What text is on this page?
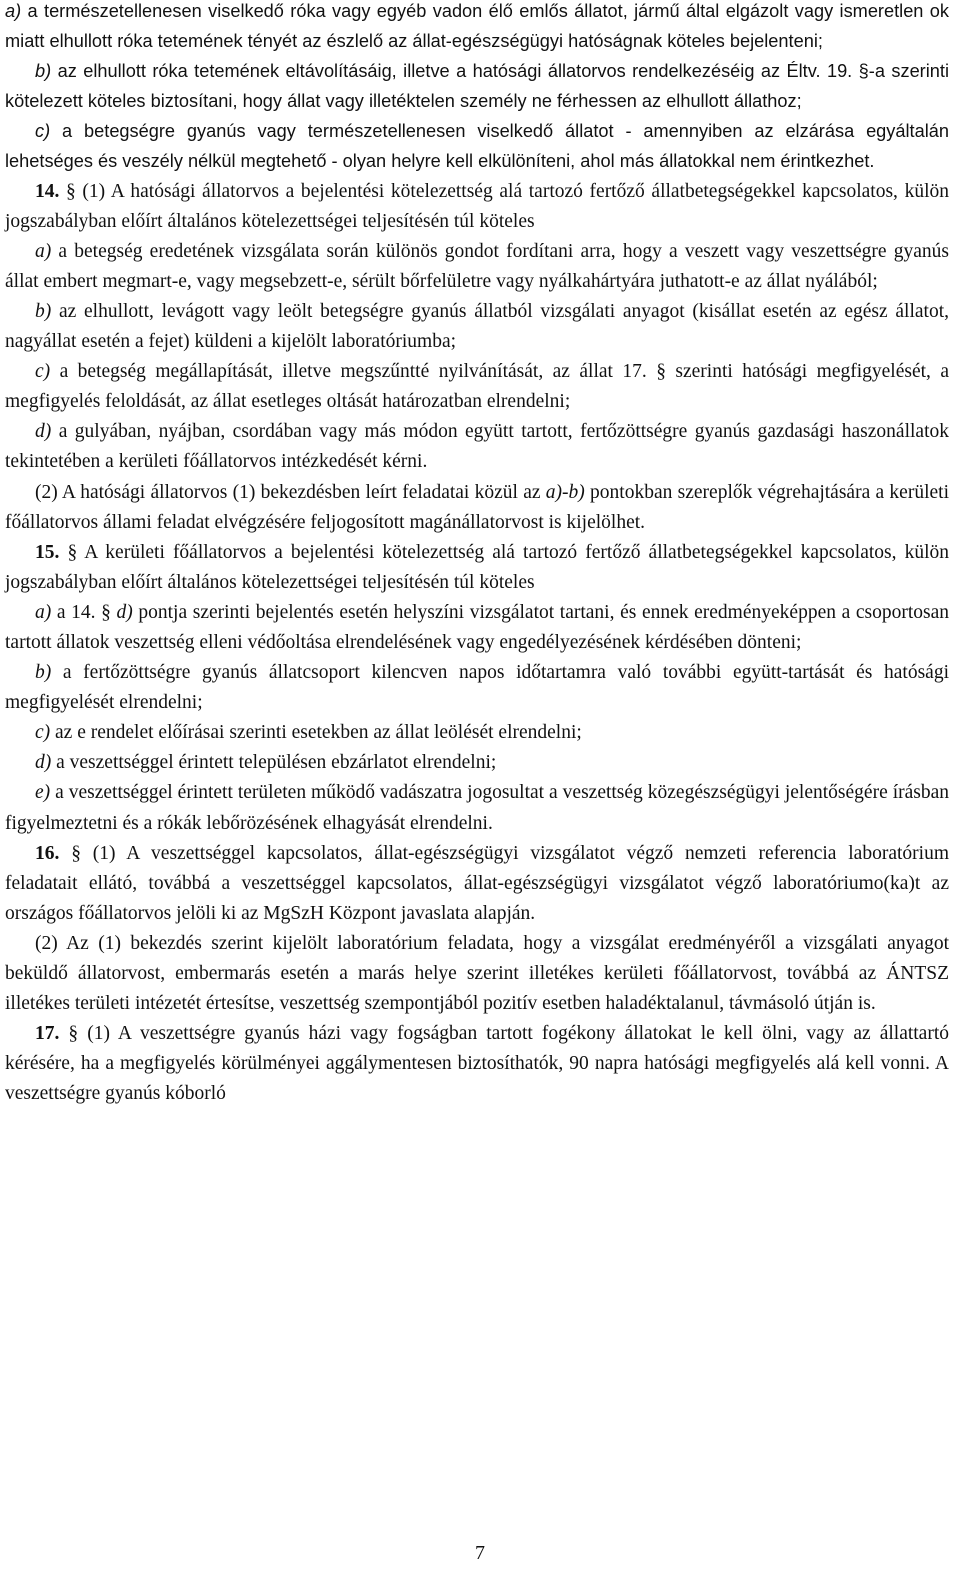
a) a természetellenesen viselkedő róka vagy egyéb vadon élő emlős állatot, jármű által elgázolt vagy ismeretlen ok miatt elhullott róka tetemének tényét az észlelő az állat-egészségügyi hatóságnak köteles bejelenteni;

b) az elhullott róka tetemének eltávolításáig, illetve a hatósági állatorvos rendelkezéséig az Éltv. 19. §-a szerinti kötelezett köteles biztosítani, hogy állat vagy illetéktelen személy ne férhessen az elhullott állathoz;

c) a betegségre gyanús vagy természetellenesen viselkedő állatot - amennyiben az elzárása egyáltalán lehetséges és veszély nélkül megtehető - olyan helyre kell elkülöníteni, ahol más állatokkal nem érintkezhet.

14. § (1) A hatósági állatorvos a bejelentési kötelezettség alá tartozó fertőző állatbetegségekkel kapcsolatos, külön jogszabályban előírt általános kötelezettségei teljesítésén túl köteles

a) a betegség eredetének vizsgálata során különös gondot fordítani arra, hogy a veszett vagy veszettségre gyanús állat embert megmart-e, vagy megsebzett-e, sérült bőrfelületre vagy nyálkahártyára juthatott-e az állat nyálából;

b) az elhullott, levágott vagy leölt betegségre gyanús állatból vizsgálati anyagot (kisállat esetén az egész állatot, nagyállat esetén a fejet) küldeni a kijelölt laboratóriumba;

c) a betegség megállapítását, illetve megszűntté nyilvánítását, az állat 17. § szerinti hatósági megfigyelését, a megfigyelés feloldását, az állat esetleges oltását határozatban elrendelni;

d) a gulyában, nyájban, csordában vagy más módon együtt tartott, fertőzöttségre gyanús gazdasági haszonállatok tekintetében a kerületi főállatorvos intézkedését kérni.

(2) A hatósági állatorvos (1) bekezdésben leírt feladatai közül az a)-b) pontokban szereplők végrehajtására a kerületi főállatorvos állami feladat elvégzésére feljogosított magánállatorvost is kijelölhet.

15. § A kerületi főállatorvos a bejelentési kötelezettség alá tartozó fertőző állatbetegségekkel kapcsolatos, külön jogszabályban előírt általános kötelezettségei teljesítésén túl köteles

a) a 14. § d) pontja szerinti bejelentés esetén helyszíni vizsgálatot tartani, és ennek eredményeképpen a csoportosan tartott állatok veszettség elleni védőoltása elrendelésének vagy engedélyezésének kérdésében dönteni;

b) a fertőzöttségre gyanús állatcsoport kilencven napos időtartamra való további együtt-tartását és hatósági megfigyelését elrendelni;

c) az e rendelet előírásai szerinti esetekben az állat leölését elrendelni;

d) a veszettséggel érintett településen ebzárlatot elrendelni;

e) a veszettséggel érintett területen működő vadászatra jogosultat a veszettség közegészségügyi jelentőségére írásban figyelmeztetni és a rókák lebőrözésének elhagyását elrendelni.

16. § (1) A veszettséggel kapcsolatos, állat-egészségügyi vizsgálatot végző nemzeti referencia laboratórium feladatait ellátó, továbbá a veszettséggel kapcsolatos, állat-egészségügyi vizsgálatot végző laboratóriumo(ka)t az országos főállatorvos jelöli ki az MgSzH Központ javaslata alapján.

(2) Az (1) bekezdés szerint kijelölt laboratórium feladata, hogy a vizsgálat eredményéről a vizsgálati anyagot beküldő állatorvost, embermarás esetén a marás helye szerint illetékes kerületi főállatorvost, továbbá az ÁNTSZ illetékes területi intézetét értesítse, veszettség szempontjából pozitív esetben haladéktalanul, távmásoló útján is.

17. § (1) A veszettségre gyanús házi vagy fogságban tartott fogékony állatokat le kell ölni, vagy az állattartó kérésére, ha a megfigyelés körülményei aggálymentesen biztosíthatók, 90 napra hatósági megfigyelés alá kell vonni. A veszettségre gyanús kóborló

7
